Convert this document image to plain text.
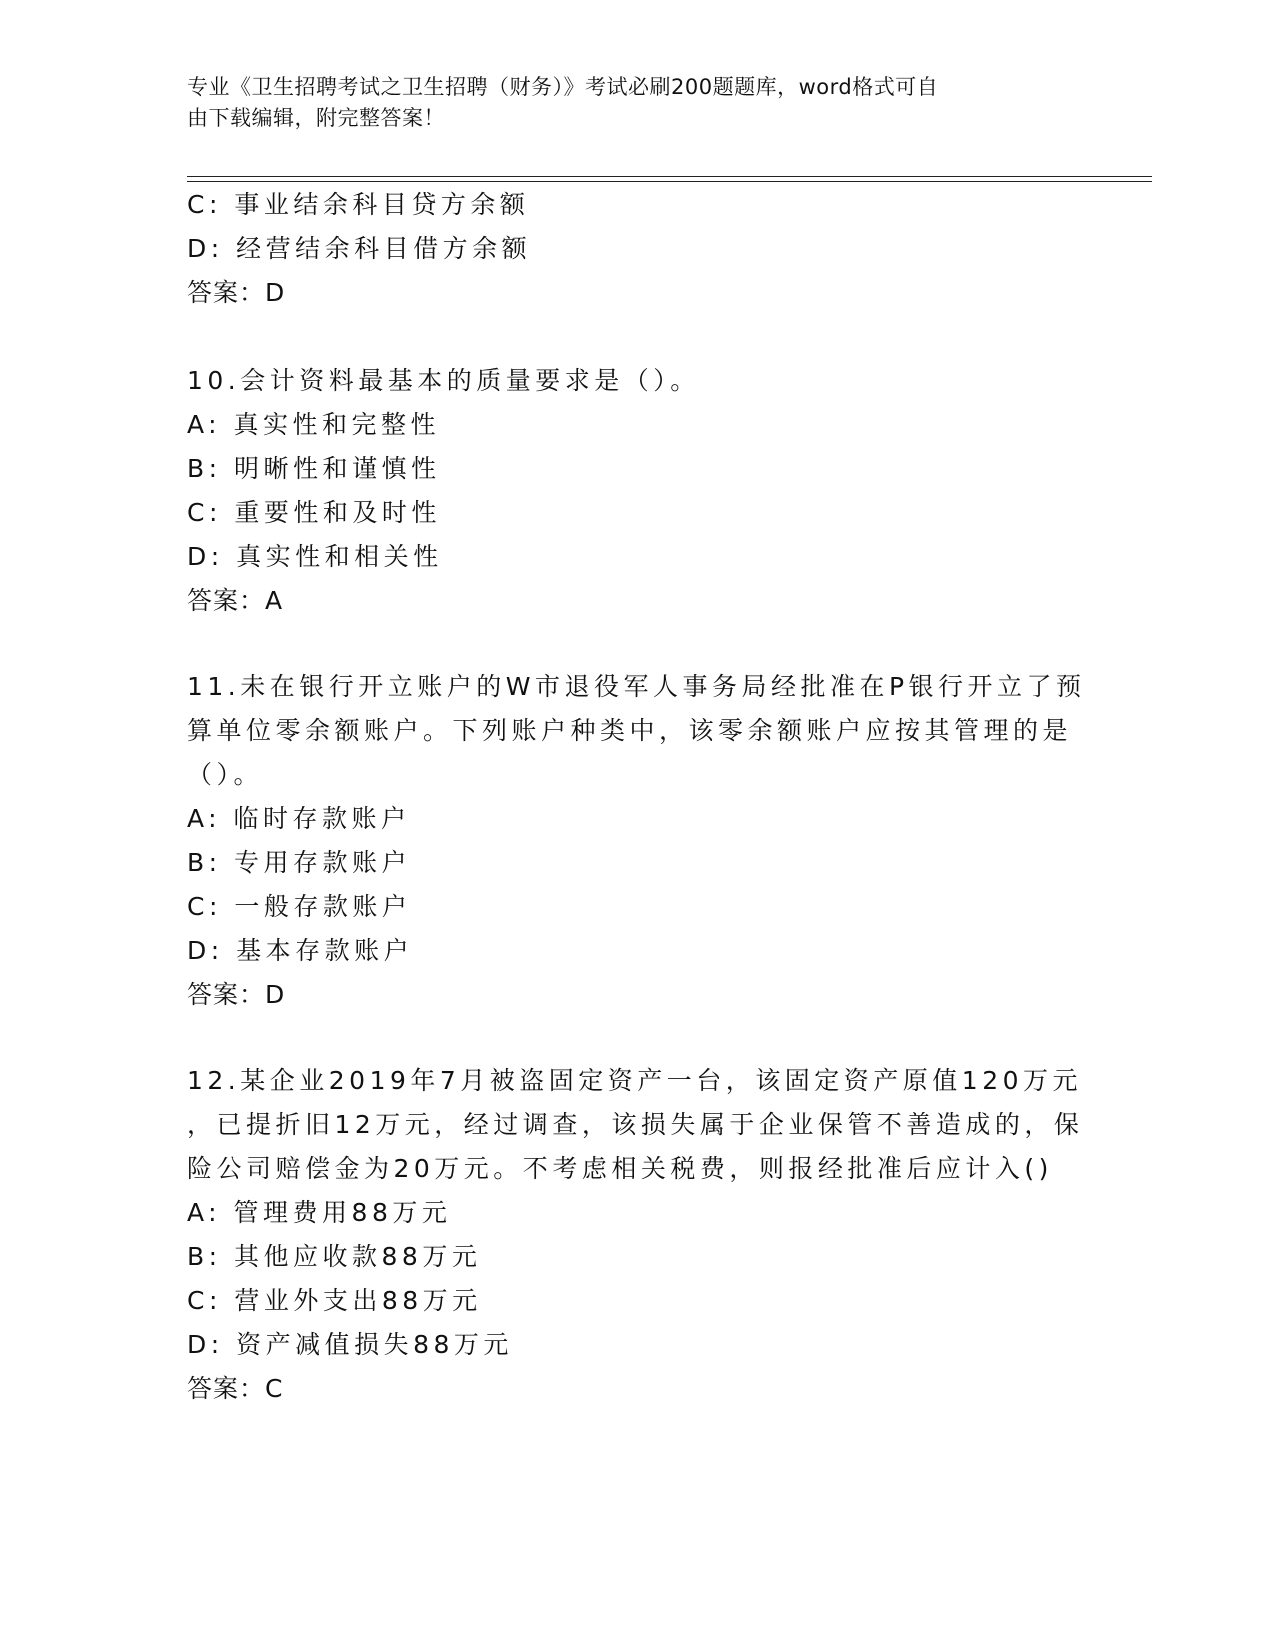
专业《卫生招聘考试之卫生招聘（财务）》考试必刷200题题库，word格式可自
由下载编辑，附完整答案！
C: 事业结余科目贷方余额
D: 经营结余科目借方余额
答案：D
10.会计资料最基本的质量要求是（）。
A: 真实性和完整性
B: 明晰性和谨慎性
C: 重要性和及时性
D: 真实性和相关性
答案：A
11.未在银行开立账户的W市退役军人事务局经批准在P银行开立了预
算单位零余额账户。下列账户种类中，该零余额账户应按其管理的是
（）。
A: 临时存款账户
B: 专用存款账户
C: 一般存款账户
D: 基本存款账户
答案：D
12.某企业2019年7月被盗固定资产一台，该固定资产原值120万元
，已提折旧12万元，经过调查，该损失属于企业保管不善造成的，保
险公司赔偿金为20万元。不考虑相关税费，则报经批准后应计入()
A: 管理费用88万元
B: 其他应收款88万元
C: 营业外支出88万元
D: 资产减值损失88万元
答案：C
